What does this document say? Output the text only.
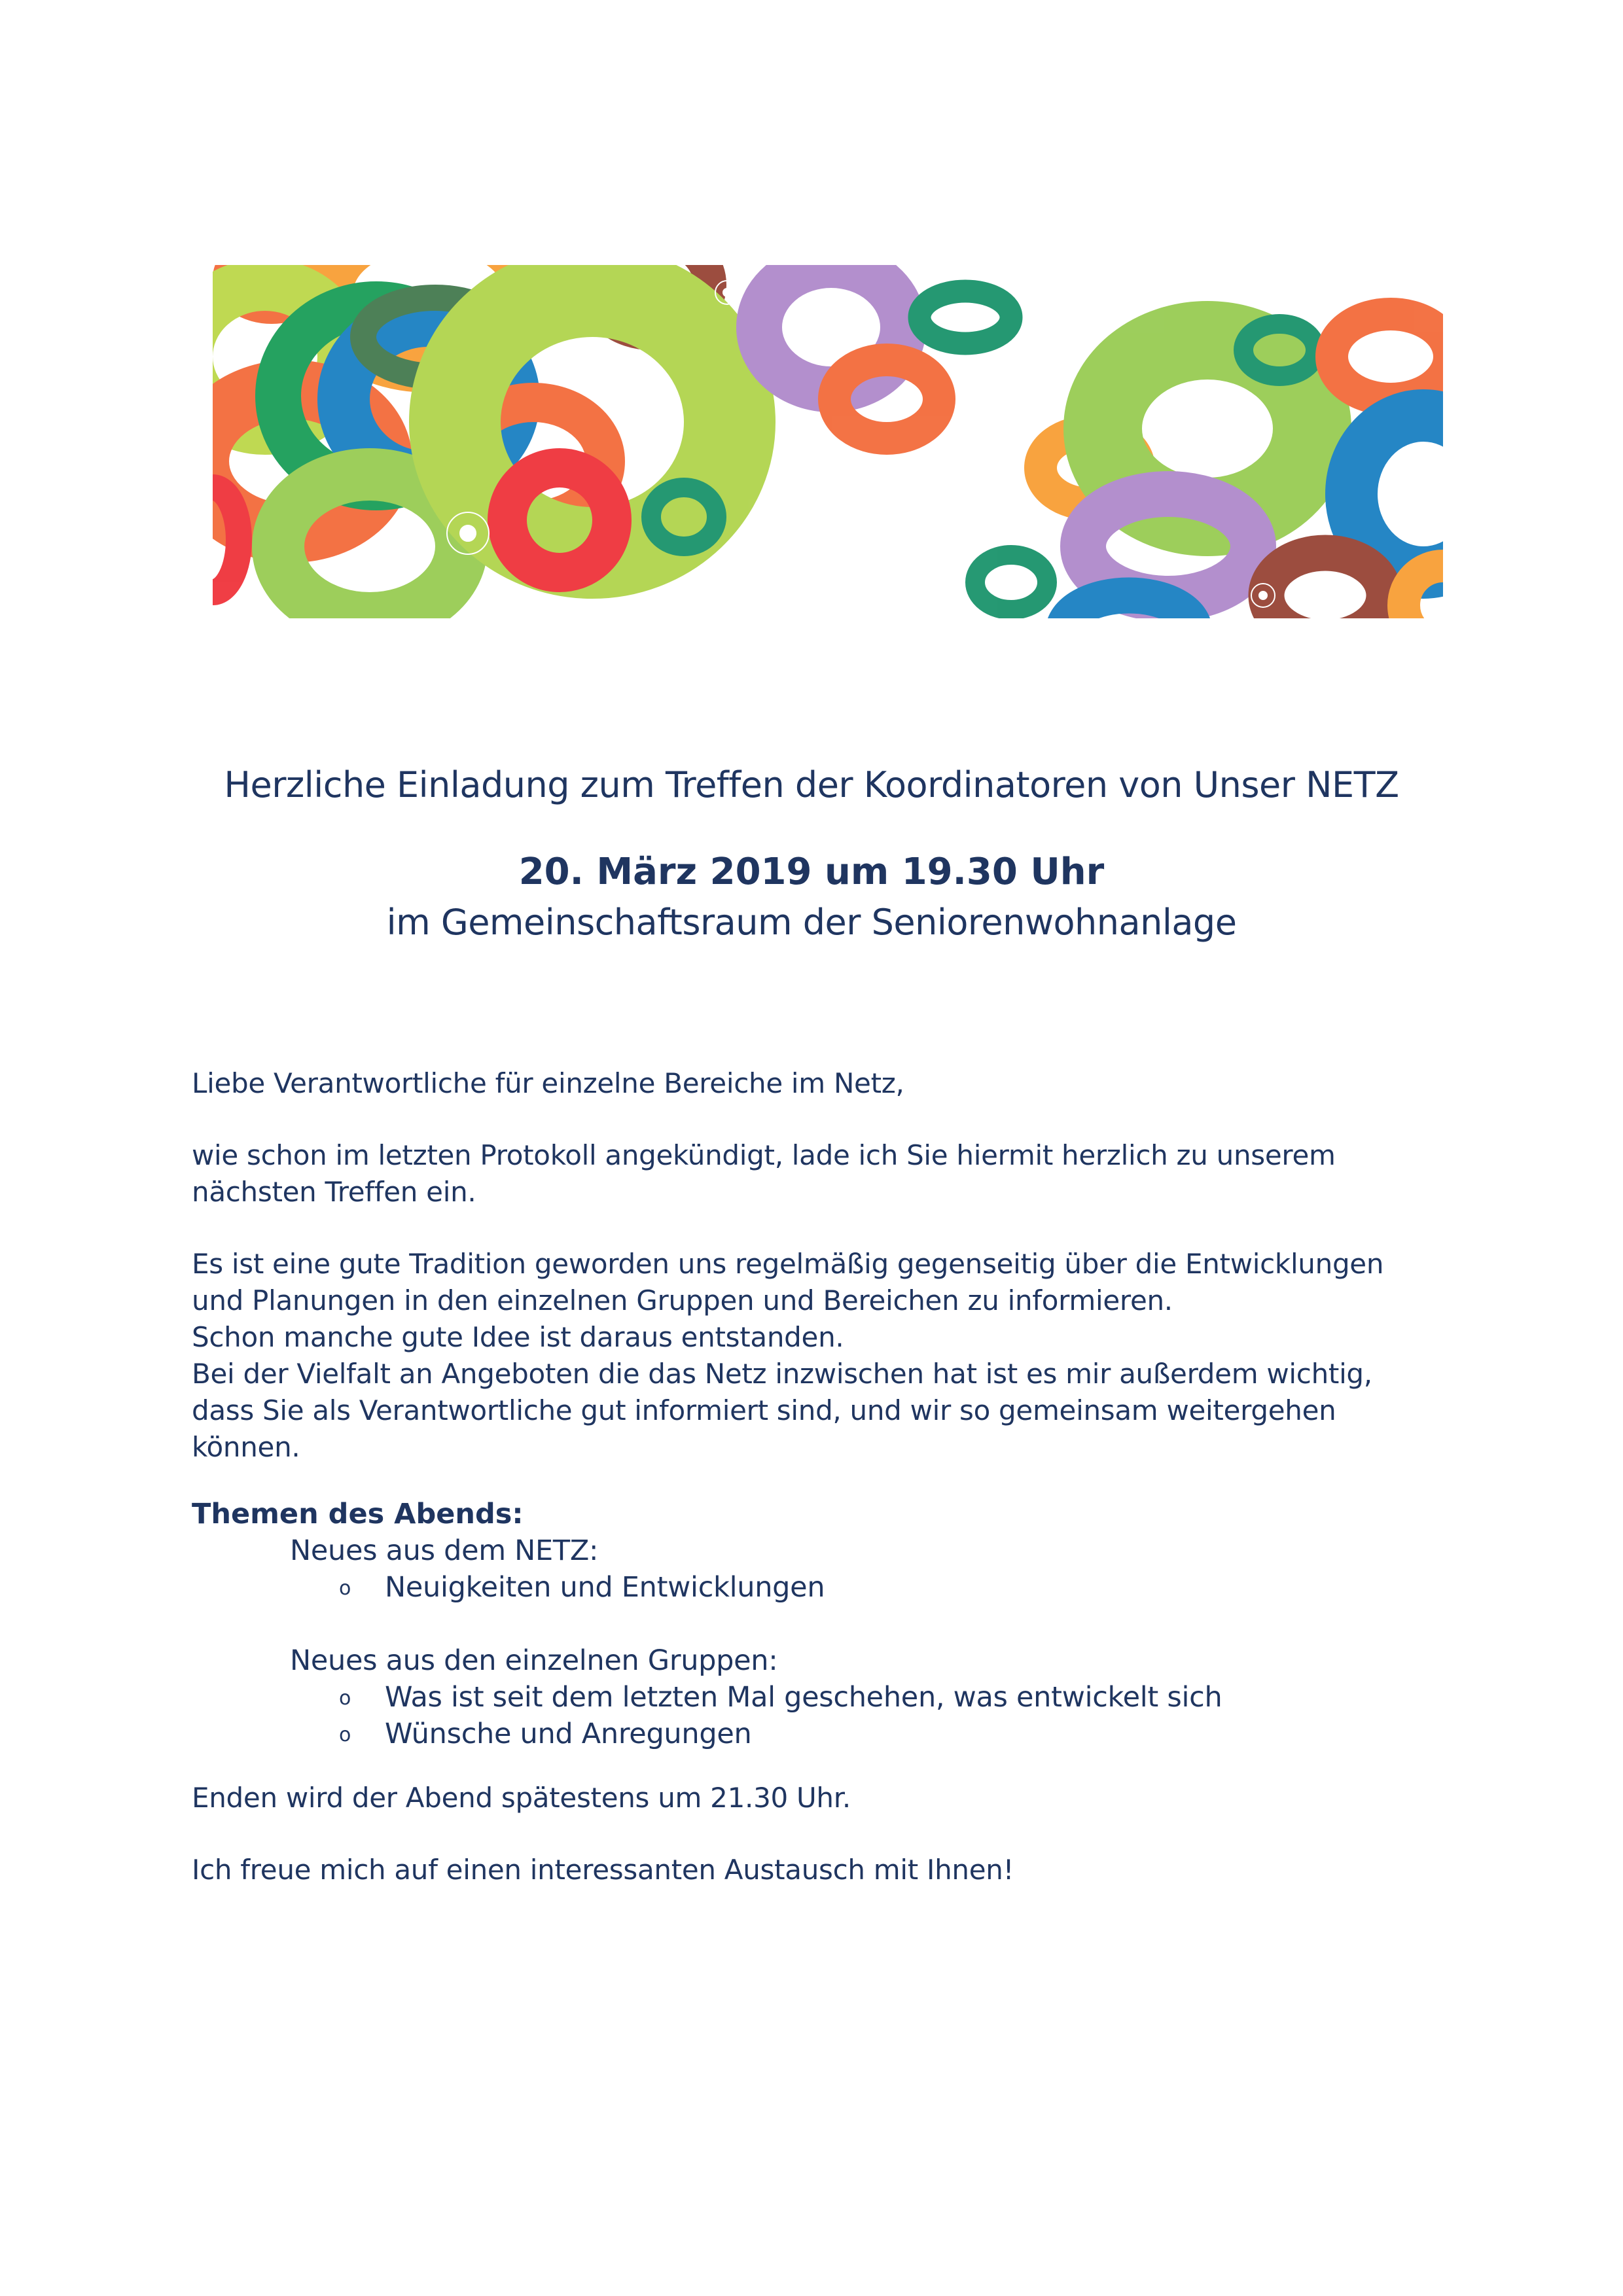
Herzliche Einladung zum Treffen der Koordinatoren von Unser NETZ
20. März 2019 um 19.30 Uhr
im Gemeinschaftsraum der Seniorenwohnanlage
Liebe Verantwortliche für einzelne Bereiche im Netz,
wie schon im letzten Protokoll angekündigt, lade ich Sie hiermit herzlich zu unserem
nächsten Treffen ein.
Es ist eine gute Tradition geworden uns regelmäßig gegenseitig über die Entwicklungen
und Planungen in den einzelnen Gruppen und Bereichen zu informieren.
Schon manche gute Idee ist daraus entstanden.
Bei der Vielfalt an Angeboten die das Netz inzwischen hat ist es mir außerdem wichtig,
dass Sie als Verantwortliche gut informiert sind, und wir so gemeinsam weitergehen
können.
Themen des Abends:
Neues aus dem NETZ:
o Neuigkeiten und Entwicklungen
Neues aus den einzelnen Gruppen:
o Was ist seit dem letzten Mal geschehen, was entwickelt sich
o Wünsche und Anregungen
Enden wird der Abend spätestens um 21.30 Uhr.
Ich freue mich auf einen interessanten Austausch mit Ihnen!
